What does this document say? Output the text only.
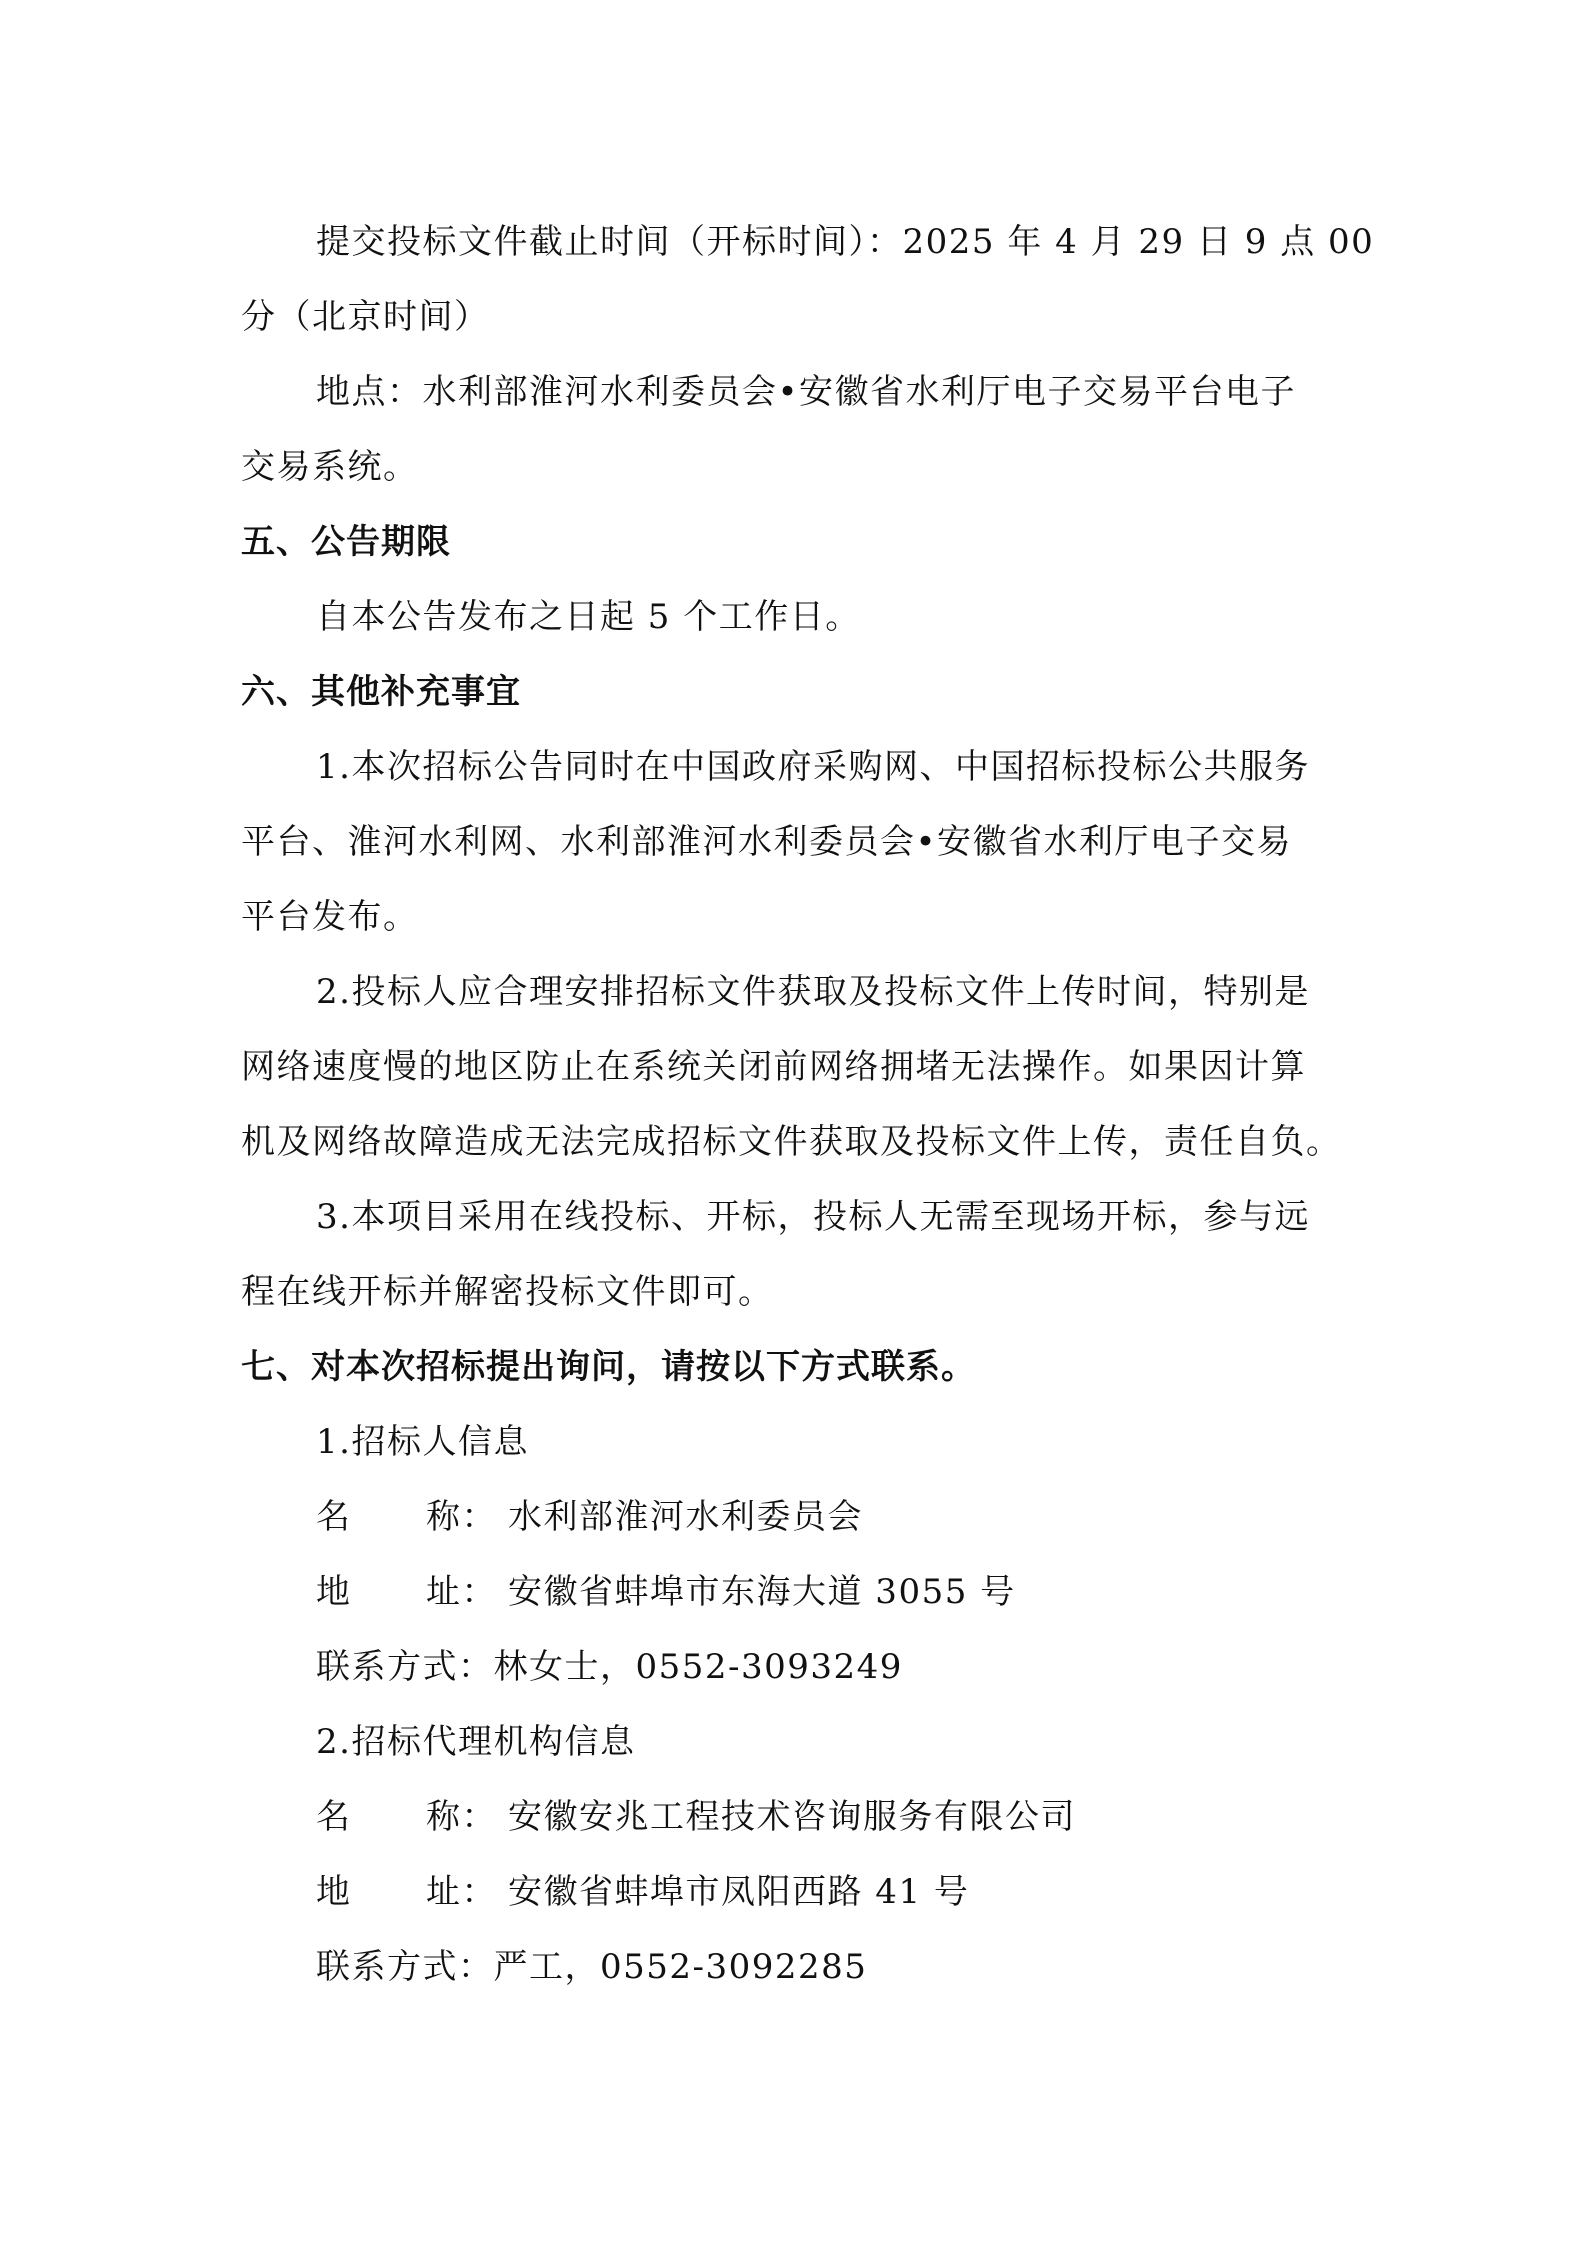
提交投标文件截止时间（开标时间）：2025 年 4 月 29 日 9 点 00
分（北京时间）
地点：水利部淮河水利委员会•安徽省水利厅电子交易平台电子
交易系统。
五、公告期限
自本公告发布之日起 5 个工作日。
六、其他补充事宜
1.本次招标公告同时在中国政府采购网、中国招标投标公共服务
平台、淮河水利网、水利部淮河水利委员会•安徽省水利厅电子交易
平台发布。
2.投标人应合理安排招标文件获取及投标文件上传时间，特别是
网络速度慢的地区防止在系统关闭前网络拥堵无法操作。如果因计算
机及网络故障造成无法完成招标文件获取及投标文件上传，责任自负。
3.本项目采用在线投标、开标，投标人无需至现场开标，参与远
程在线开标并解密投标文件即可。
七、对本次招标提出询问，请按以下方式联系。
1.招标人信息
名 称： 水利部淮河水利委员会
地 址： 安徽省蚌埠市东海大道 3055 号
联系方式：林女士，0552-3093249
2.招标代理机构信息
名 称： 安徽安兆工程技术咨询服务有限公司
地 址： 安徽省蚌埠市凤阳西路 41 号
联系方式：严工，0552-3092285
